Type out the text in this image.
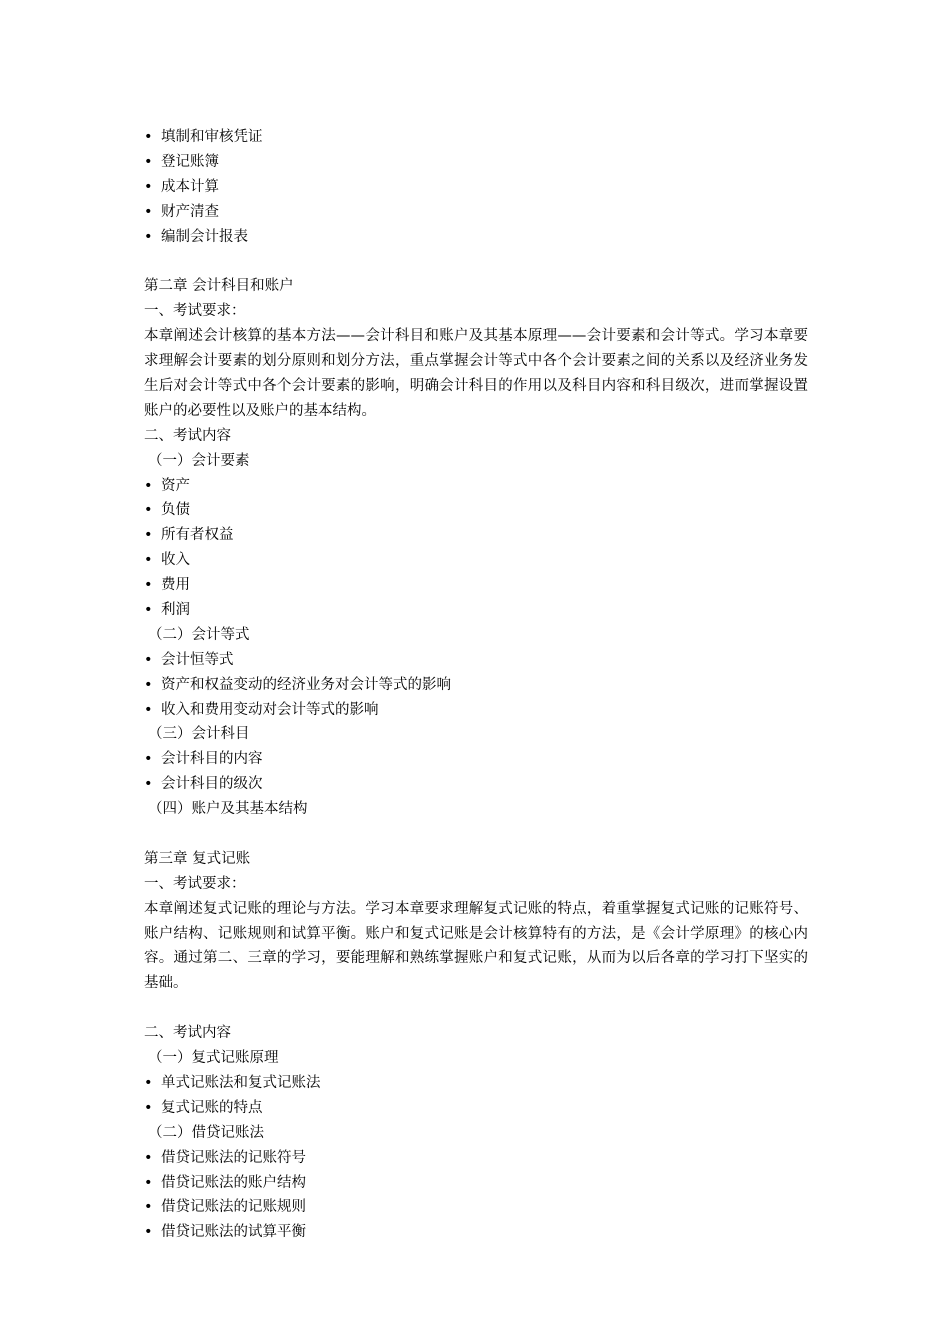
• 填制和审核凭证
• 登记账簿
• 成本计算
• 财产清查
• 编制会计报表
第二章 会计科目和账户
一、考试要求：

本章阐述会计核算的基本方法——会计科目和账户及其基本原理——会计要素和会计等式。学习本章要求理解会计要素的划分原则和划分方法，重点掌握会计等式中各个会计要素之间的关系以及经济业务发生后对会计等式中各个会计要素的影响，明确会计科目的作用以及科目内容和科目级次，进而掌握设置账户的必要性以及账户的基本结构。

二、考试内容
（一）会计要素
• 资产
• 负债
• 所有者权益
• 收入
• 费用
• 利润
（二）会计等式
• 会计恒等式
• 资产和权益变动的经济业务对会计等式的影响
• 收入和费用变动对会计等式的影响
（三）会计科目
• 会计科目的内容
• 会计科目的级次
（四）账户及其基本结构
第三章 复式记账
一、考试要求：

本章阐述复式记账的理论与方法。学习本章要求理解复式记账的特点，着重掌握复式记账的记账符号、账户结构、记账规则和试算平衡。账户和复式记账是会计核算特有的方法，是《会计学原理》的核心内容。通过第二、三章的学习，要能理解和熟练掌握账户和复式记账，从而为以后各章的学习打下坚实的基础。

二、考试内容
（一）复式记账原理
• 单式记账法和复式记账法
• 复式记账的特点
（二）借贷记账法
• 借贷记账法的记账符号
• 借贷记账法的账户结构
• 借贷记账法的记账规则
• 借贷记账法的试算平衡
